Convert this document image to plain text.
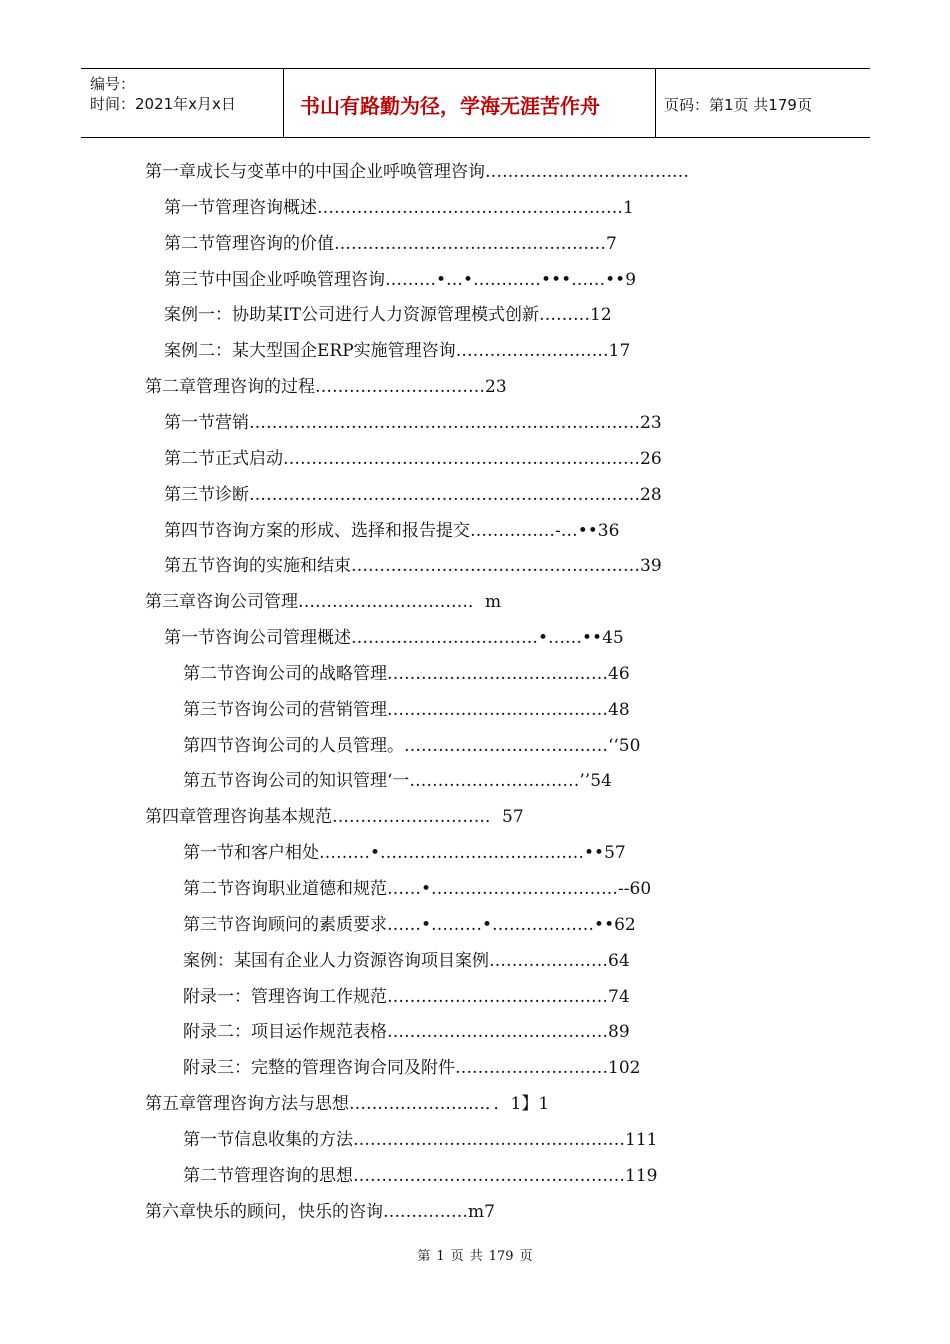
编号：
时间：2021年x月x日	书山有路勤为径，学海无涯苦作舟	页码：第1页 共179页
第一章成长与变革中的中国企业呼唤管理咨询………………………………
第一节管理咨询概述………………………………………………1
第二节管理咨询的价值…………………………………………7
第三节中国企业呼唤管理咨询………•…•…………•••……••9
案例一：协助某IT公司进行人力资源管理模式创新………12
案例二：某大型国企ERP实施管理咨询………………………17
第二章管理咨询的过程…………………………23
第一节营销……………………………………………………………23
第二节正式启动………………………………………………………26
第三节诊断……………………………………………………………28
第四节咨询方案的形成、选择和报告提交……………-…••36
第五节咨询的实施和结束……………………………………………39
第三章咨询公司管理…………………………．m
第一节咨询公司管理概述……………………………•……••45
第二节咨询公司的战略管理…………………………………46
第三节咨询公司的营销管理…………………………………48
第四节咨询公司的人员管理。………………………………‘‘50
第五节咨询公司的知识管理‘一…………………………’’54
第四章管理咨询基本规范………………………．57
第一节和客户相处………•………………………………••57
第二节咨询职业道德和规范……•……………………………--60
第三节咨询顾问的素质要求……•………•………………••62
案例：某国有企业人力资源咨询项目案例…………………64
附录一：管理咨询工作规范…………………………………74
附录二：项目运作规范表格…………………………………89
附录三：完整的管理咨询合同及附件………………………102
第五章管理咨询方法与思想……………………．．1】1
第一节信息收集的方法…………………………………………111
第二节管理咨询的思想…………………………………………119
第六章快乐的顾问，快乐的咨询……………m7
第 1 页 共 179 页
